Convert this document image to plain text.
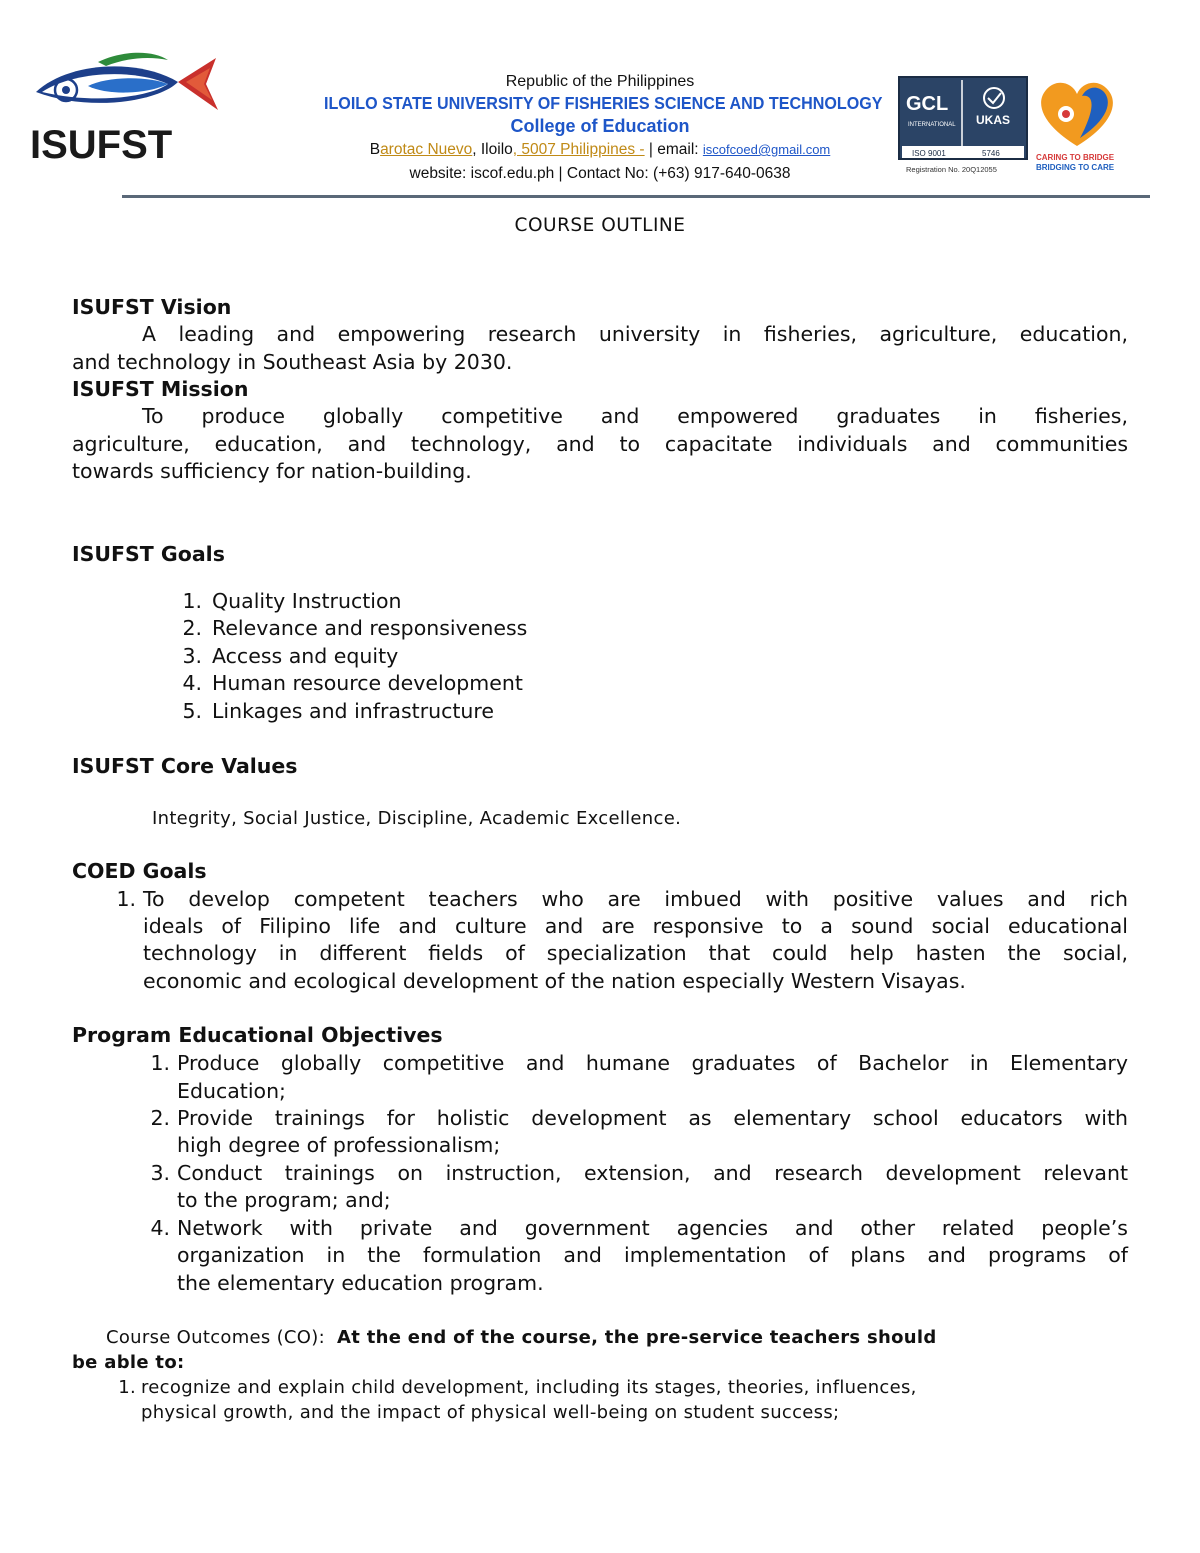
ISUFST
Republic of the Philippines
ILOILO STATE UNIVERSITY OF FISHERIES SCIENCE AND TECHNOLOGY
College of Education
Barotac Nuevo, Iloilo, 5007 Philippines - | email: iscofcoed@gmail.com
website: iscof.edu.ph | Contact No: (+63) 917-640-0638
GCL
INTERNATIONAL UKAS
ISO 9001	5746
Registration No. 20Q12055
CARING TO BRIDGE
BRIDGING TO CARE
COURSE OUTLINE
ISUFST Vision
A leading and empowering research university in fisheries, agriculture, education,
and technology in Southeast Asia by 2030.
ISUFST Mission
To produce globally competitive and empowered graduates in fisheries,
agriculture, education, and technology, and to capacitate individuals and communities
towards sufficiency for nation-building.
ISUFST Goals
1. Quality Instruction
2. Relevance and responsiveness
3. Access and equity
4. Human resource development
5. Linkages and infrastructure
ISUFST Core Values
Integrity, Social Justice, Discipline, Academic Excellence.
COED Goals
1. To develop competent teachers who are imbued with positive values and rich
ideals of Filipino life and culture and are responsive to a sound social educational
technology in different fields of specialization that could help hasten the social,
economic and ecological development of the nation especially Western Visayas.
Program Educational Objectives
1. Produce globally competitive and humane graduates of Bachelor in Elementary
Education;
2. Provide trainings for holistic development as elementary school educators with
high degree of professionalism;
3. Conduct trainings on instruction, extension, and research development relevant
to the program; and;
4. Network with private and government agencies and other related people’s
organization in the formulation and implementation of plans and programs of
the elementary education program.
Course Outcomes (CO): At the end of the course, the pre-service teachers should
be able to:
1. recognize and explain child development, including its stages, theories, influences,
physical growth, and the impact of physical well-being on student success;
